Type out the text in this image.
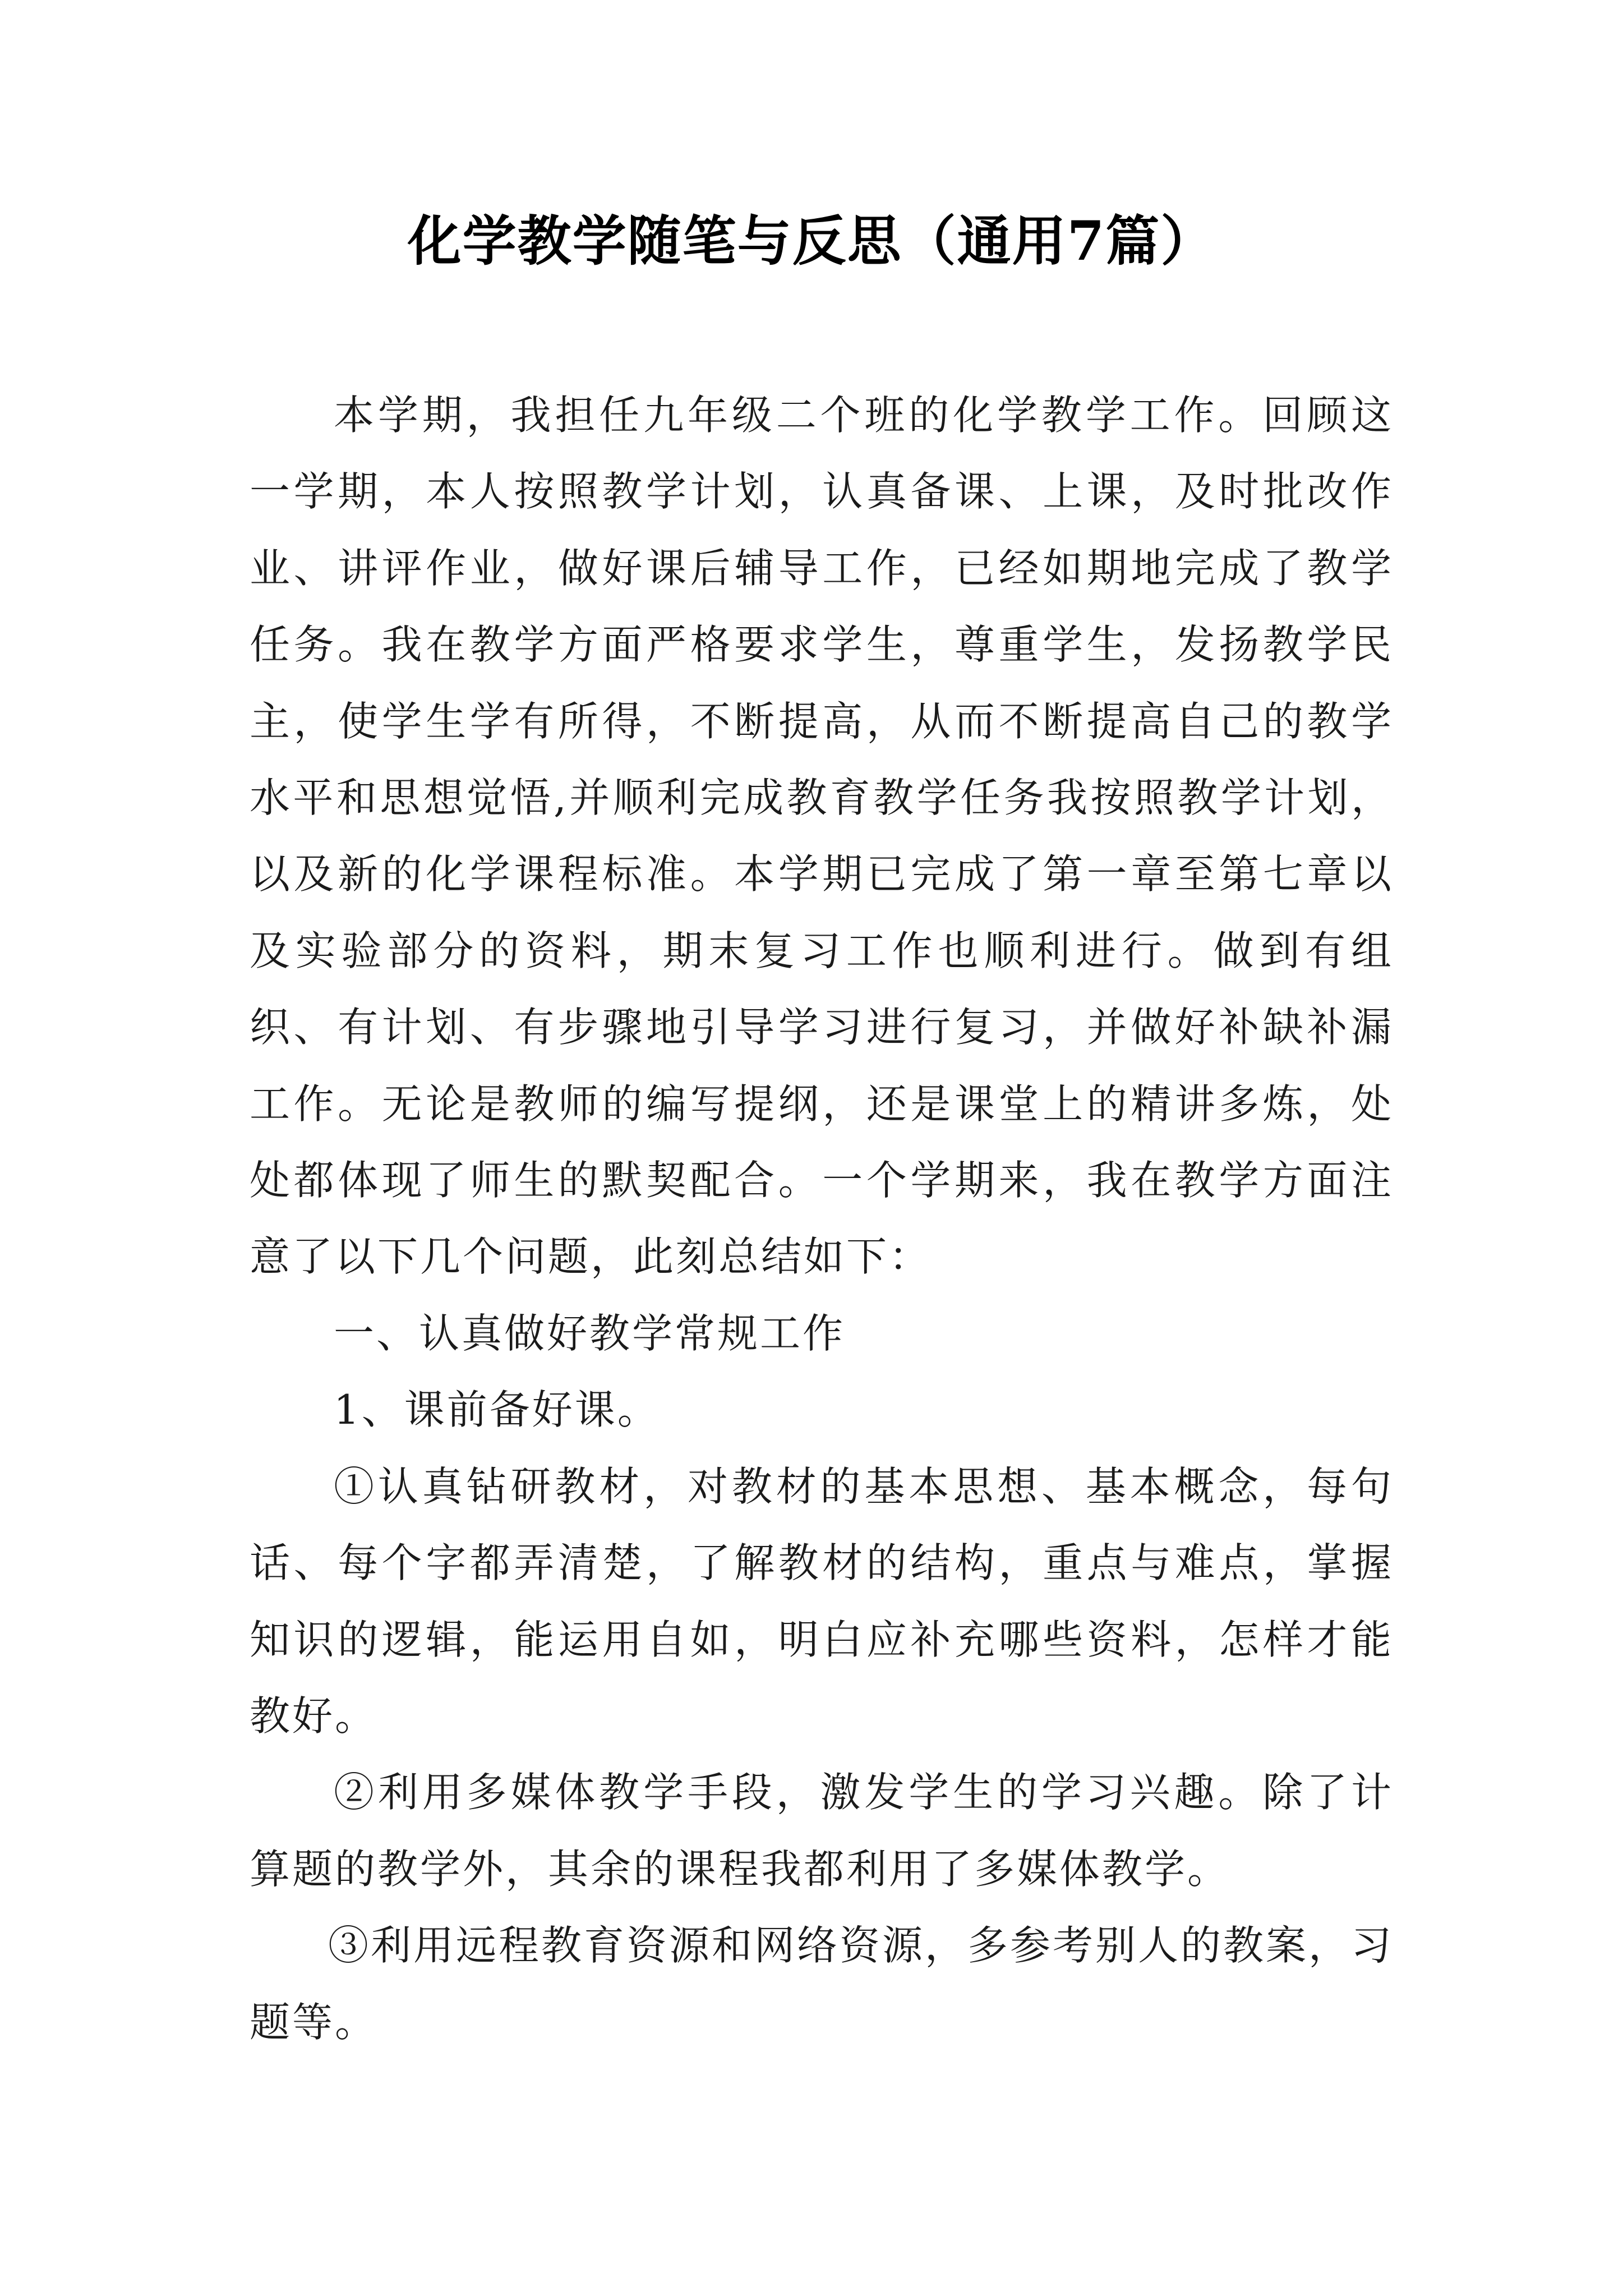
化学教学随笔与反思（通用7篇）

本学期，我担任九年级二个班的化学教学工作。回顾这一学期，本人按照教学计划，认真备课、上课，及时批改作业、讲评作业，做好课后辅导工作，已经如期地完成了教学任务。我在教学方面严格要求学生，尊重学生，发扬教学民主，使学生学有所得，不断提高，从而不断提高自己的教学水平和思想觉悟,并顺利完成教育教学任务我按照教学计划，以及新的化学课程标准。本学期已完成了第一章至第七章以及实验部分的资料，期末复习工作也顺利进行。做到有组织、有计划、有步骤地引导学习进行复习，并做好补缺补漏工作。无论是教师的编写提纲，还是课堂上的精讲多炼，处处都体现了师生的默契配合。一个学期来，我在教学方面注意了以下几个问题，此刻总结如下：

一、认真做好教学常规工作

1、课前备好课。

①认真钻研教材，对教材的基本思想、基本概念，每句话、每个字都弄清楚，了解教材的结构，重点与难点，掌握知识的逻辑，能运用自如，明白应补充哪些资料，怎样才能教好。

②利用多媒体教学手段，激发学生的学习兴趣。除了计算题的教学外，其余的课程我都利用了多媒体教学。

③利用远程教育资源和网络资源，多参考别人的教案，习题等。
